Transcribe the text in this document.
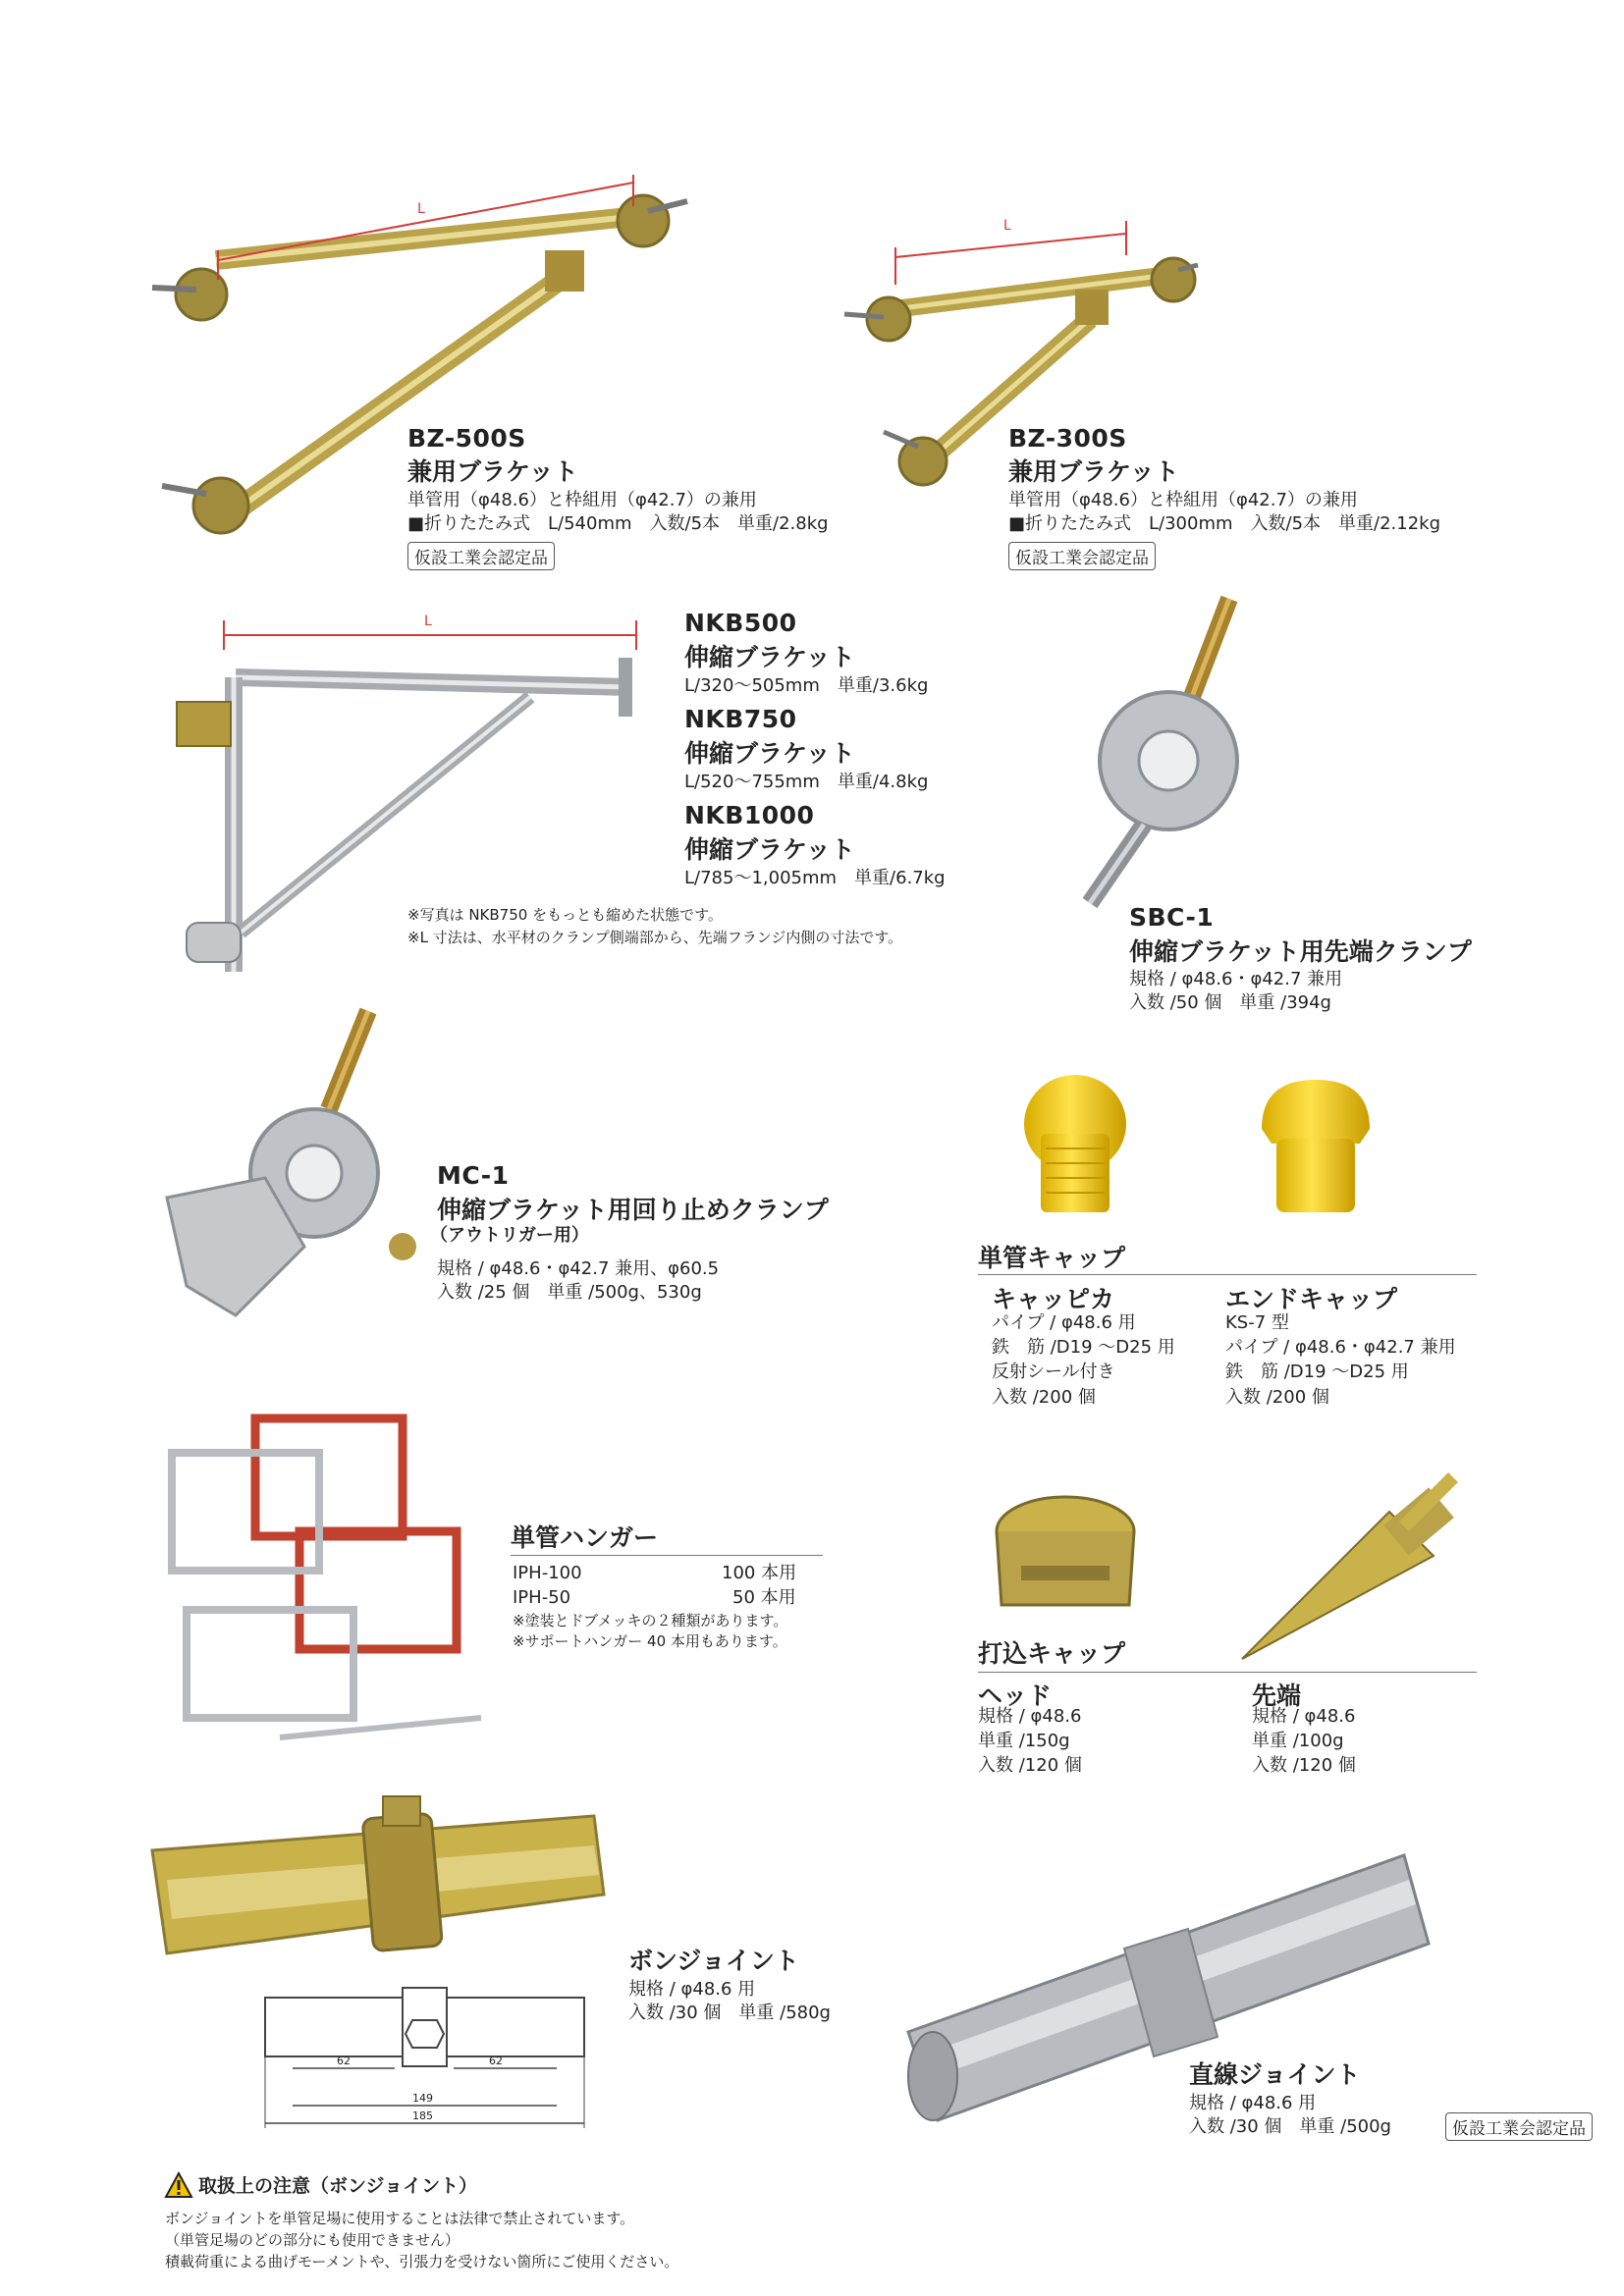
L
BZ-500S
兼用ブラケット
単管用（φ48.6）と枠組用（φ42.7）の兼用
■折りたたみ式　L/540mm　入数/5本　単重/2.8kg
仮設工業会認定品
L
BZ-300S
兼用ブラケット
単管用（φ48.6）と枠組用（φ42.7）の兼用
■折りたたみ式　L/300mm　入数/5本　単重/2.12kg
仮設工業会認定品
L	NKB500
伸縮ブラケット
L/320〜505mm　単重/3.6kg
NKB750
伸縮ブラケット
L/520〜755mm　単重/4.8kg
NKB1000
伸縮ブラケット
L/785〜1,005mm　単重/6.7kg
※写真は NKB750 をもっとも縮めた状態です。
※L 寸法は、水平材のクランプ側端部から、先端フランジ内側の寸法です。
SBC-1
伸縮ブラケット用先端クランプ
規格 / φ48.6・φ42.7 兼用
入数 /50 個　単重 /394g
MC-1
伸縮ブラケット用回り止めクランプ
（アウトリガー用）
規格 / φ48.6・φ42.7 兼用、φ60.5
入数 /25 個　単重 /500g、530g
単管キャップ
キャッピカ
パイプ / φ48.6 用
鉄　筋 /D19 〜D25 用
反射シール付き
入数 /200 個
エンドキャップ
KS-7 型
パイプ / φ48.6・φ42.7 兼用
鉄　筋 /D19 〜D25 用
入数 /200 個
単管ハンガー
IPH-100	100 本用
IPH-50	50 本用
※塗装とドブメッキの２種類があります。
※サポートハンガー 40 本用もあります。	打込キャップ
ヘッド
規格 / φ48.6
単重 /150g
入数 /120 個
先端
規格 / φ48.6
単重 /100g
入数 /120 個
62	62
149
185
ボンジョイント
規格 / φ48.6 用
入数 /30 個　単重 /580g
直線ジョイント
規格 / φ48.6 用
入数 /30 個　単重 /500g	仮設工業会認定品
取扱上の注意（ボンジョイント）
ボンジョイントを単管足場に使用することは法律で禁止されています。
（単管足場のどの部分にも使用できません）
積載荷重による曲げモーメントや、引張力を受けない箇所にご使用ください。
